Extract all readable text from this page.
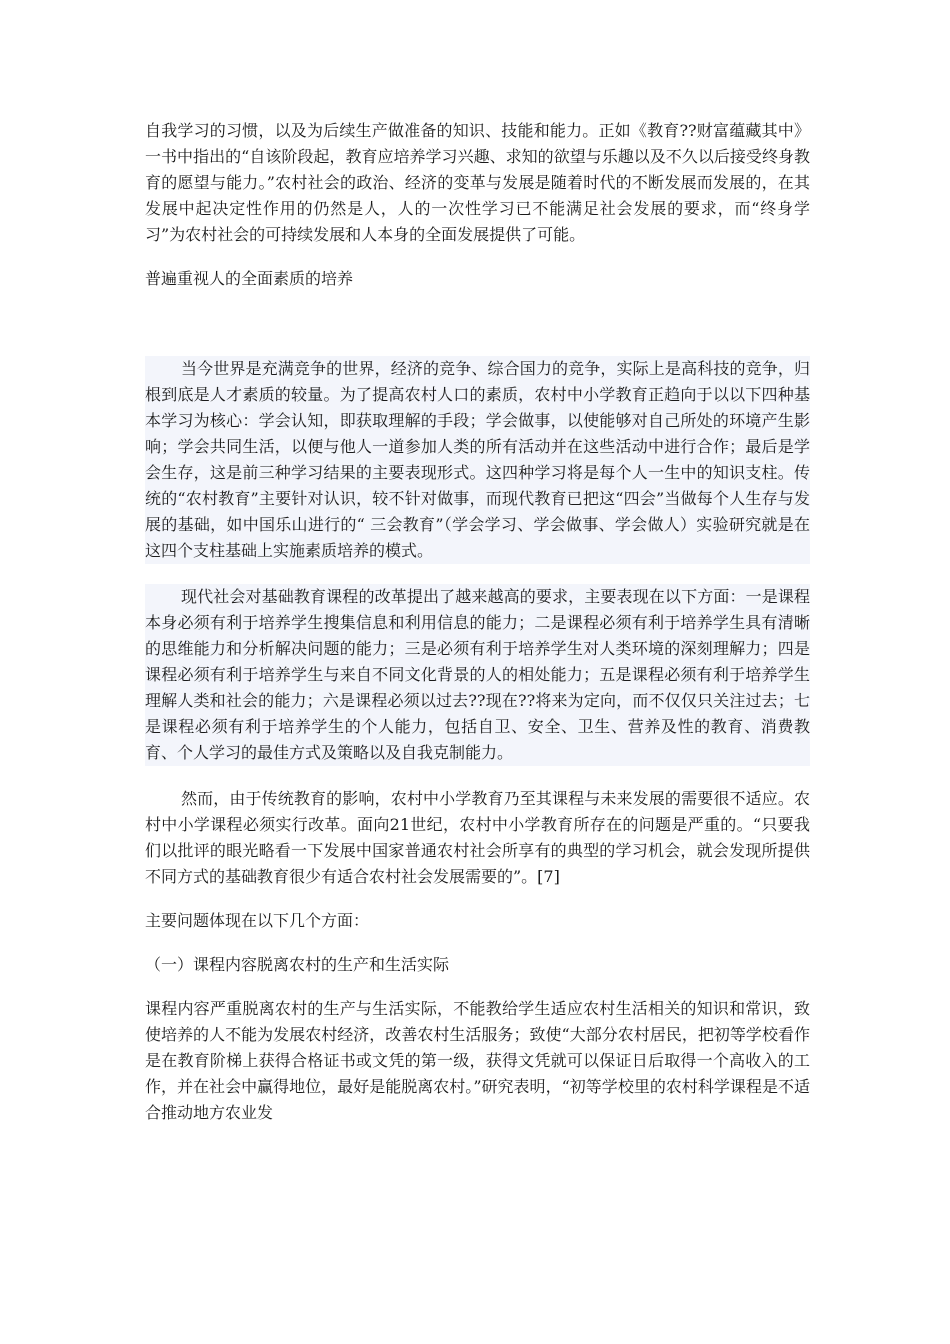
自我学习的习惯，以及为后续生产做准备的知识、技能和能力。正如《教育??财富蕴藏其中》一书中指出的“自该阶段起，教育应培养学习兴趣、求知的欲望与乐趣以及不久以后接受终身教育的愿望与能力。”农村社会的政治、经济的变革与发展是随着时代的不断发展而发展的，在其发展中起决定性作用的仍然是人，人的一次性学习已不能满足社会发展的要求，而“终身学习”为农村社会的可持续发展和人本身的全面发展提供了可能。

普遍重视人的全面素质的培养

当今世界是充满竞争的世界，经济的竞争、综合国力的竞争，实际上是高科技的竞争，归根到底是人才素质的较量。为了提高农村人口的素质，农村中小学教育正趋向于以以下四种基本学习为核心：学会认知，即获取理解的手段；学会做事，以使能够对自己所处的环境产生影响；学会共同生活，以便与他人一道参加人类的所有活动并在这些活动中进行合作；最后是学会生存，这是前三种学习结果的主要表现形式。这四种学习将是每个人一生中的知识支柱。传统的“农村教育”主要针对认识，较不针对做事，而现代教育已把这“四会”当做每个人生存与发展的基础，如中国乐山进行的“ 三会教育”（学会学习、学会做事、学会做人）实验研究就是在这四个支柱基础上实施素质培养的模式。

现代社会对基础教育课程的改革提出了越来越高的要求，主要表现在以下方面：一是课程本身必须有利于培养学生搜集信息和利用信息的能力；二是课程必须有利于培养学生具有清晰的思维能力和分析解决问题的能力；三是必须有利于培养学生对人类环境的深刻理解力；四是课程必须有利于培养学生与来自不同文化背景的人的相处能力；五是课程必须有利于培养学生理解人类和社会的能力；六是课程必须以过去??现在??将来为定向，而不仅仅只关注过去；七是课程必须有利于培养学生的个人能力，包括自卫、安全、卫生、营养及性的教育、消费教育、个人学习的最佳方式及策略以及自我克制能力。

然而，由于传统教育的影响，农村中小学教育乃至其课程与未来发展的需要很不适应。农村中小学课程必须实行改革。面向21世纪，农村中小学教育所存在的问题是严重的。“只要我们以批评的眼光略看一下发展中国家普通农村社会所享有的典型的学习机会，就会发现所提供不同方式的基础教育很少有适合农村社会发展需要的”。[7]

主要问题体现在以下几个方面：

（一）课程内容脱离农村的生产和生活实际

课程内容严重脱离农村的生产与生活实际，不能教给学生适应农村生活相关的知识和常识，致使培养的人不能为发展农村经济，改善农村生活服务；致使“大部分农村居民，把初等学校看作是在教育阶梯上获得合格证书或文凭的第一级，获得文凭就可以保证日后取得一个高收入的工作，并在社会中赢得地位，最好是能脱离农村。”研究表明，“初等学校里的农村科学课程是不适合推动地方农业发
